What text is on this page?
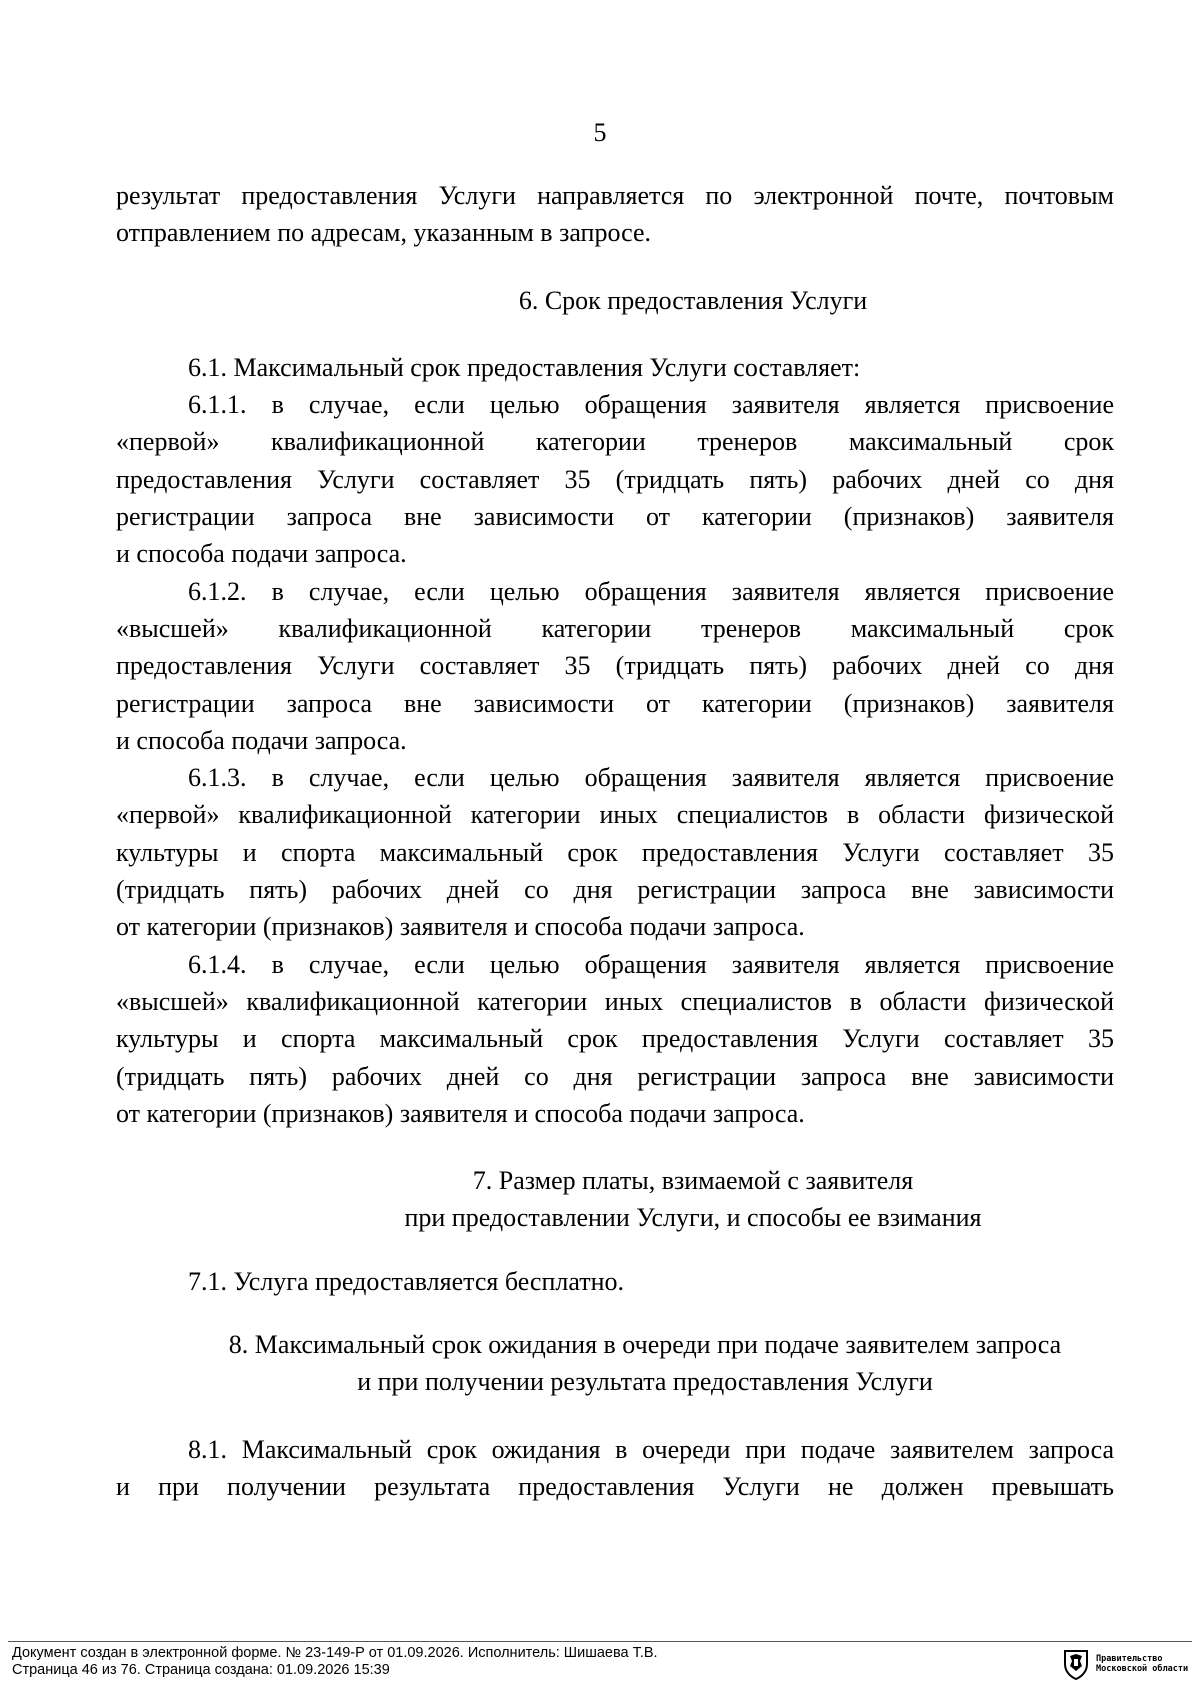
5

результат предоставления Услуги направляется по электронной почте, почтовым

отправлением по адресам, указанным в запросе.

6. Срок предоставления Услуги

6.1. Максимальный срок предоставления Услуги составляет:

6.1.1. в случае, если целью обращения заявителя является присвоение

«первой» квалификационной категории тренеров максимальный срок

предоставления Услуги составляет 35 (тридцать пять) рабочих дней со дня

регистрации запроса вне зависимости от категории (признаков) заявителя

и способа подачи запроса.

6.1.2. в случае, если целью обращения заявителя является присвоение

«высшей» квалификационной категории тренеров максимальный срок

предоставления Услуги составляет 35 (тридцать пять) рабочих дней со дня

регистрации запроса вне зависимости от категории (признаков) заявителя

и способа подачи запроса.

6.1.3. в случае, если целью обращения заявителя является присвоение

«первой» квалификационной категории иных специалистов в области физической

культуры и спорта максимальный срок предоставления Услуги составляет 35

(тридцать пять) рабочих дней со дня регистрации запроса вне зависимости

от категории (признаков) заявителя и способа подачи запроса.

6.1.4. в случае, если целью обращения заявителя является присвоение

«высшей» квалификационной категории иных специалистов в области физической

культуры и спорта максимальный срок предоставления Услуги составляет 35

(тридцать пять) рабочих дней со дня регистрации запроса вне зависимости

от категории (признаков) заявителя и способа подачи запроса.

7. Размер платы, взимаемой с заявителя

при предоставлении Услуги, и способы ее взимания

7.1. Услуга предоставляется бесплатно.

8. Максимальный срок ожидания в очереди при подаче заявителем запроса

и при получении результата предоставления Услуги

8.1. Максимальный срок ожидания в очереди при подаче заявителем запроса

и при получении результата предоставления Услуги не должен превышать

Документ создан в электронной форме. № 23-149-Р от 01.09.2026. Исполнитель: Шишаева Т.В.
Страница 46 из 76. Страница создана: 01.09.2026 15:39
Правительство
Московской области
